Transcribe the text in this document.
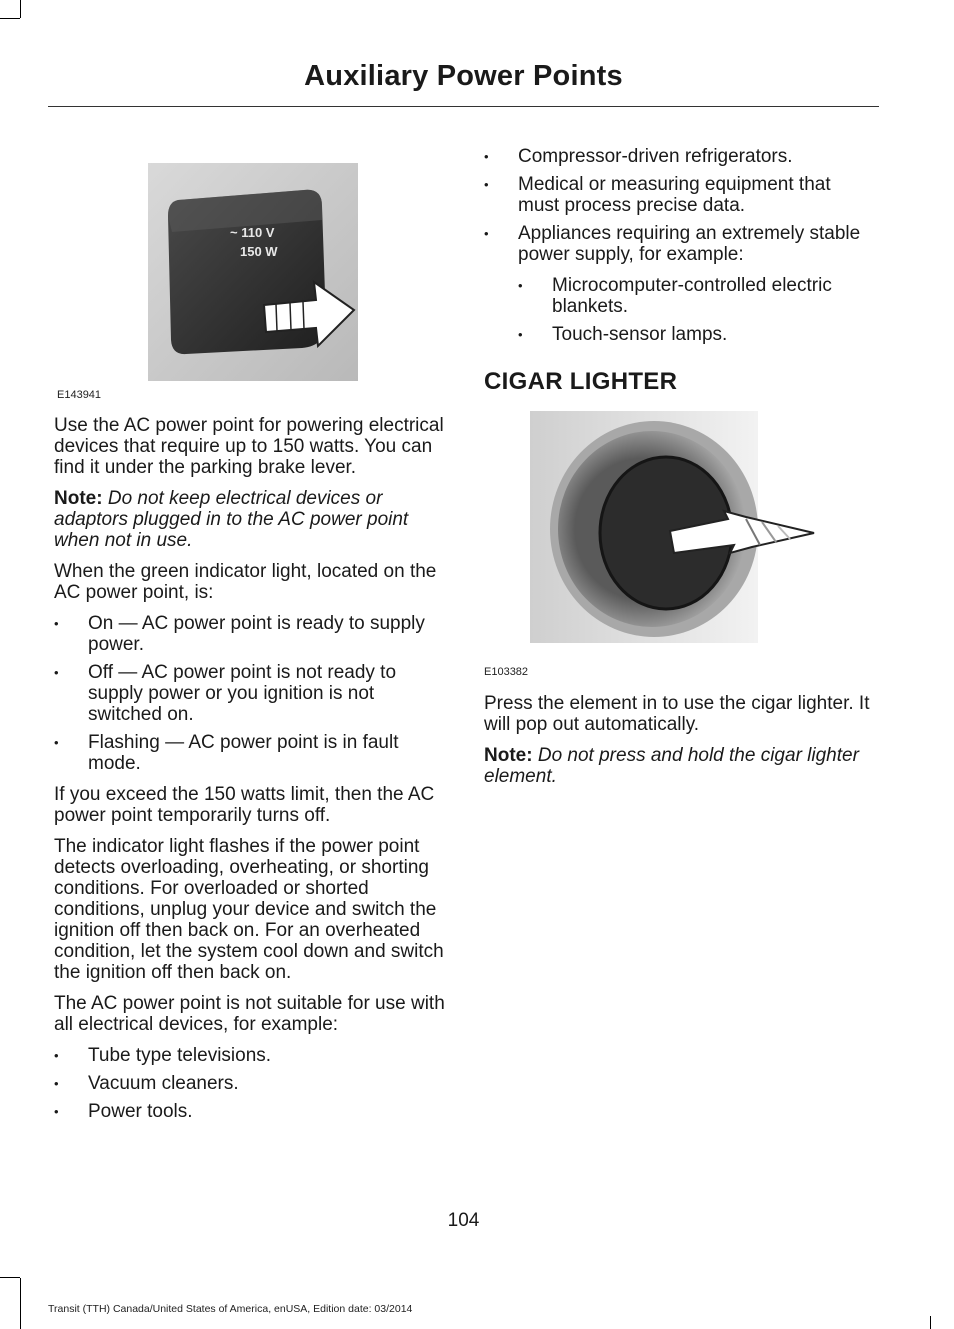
Auxiliary Power Points
~ 110 V
150 W
E143941

Use the AC power point for powering electrical devices that require up to 150 watts. You can find it under the parking brake lever.

Note: Do not keep electrical devices or adaptors plugged in to the AC power point when not in use.

When the green indicator light, located on the AC power point, is:

• On — AC power point is ready to supply power.
• Off — AC power point is not ready to supply power or you ignition is not switched on.
• Flashing — AC power point is in fault mode.

If you exceed the 150 watts limit, then the AC power point temporarily turns off.

The indicator light flashes if the power point detects overloading, overheating, or shorting conditions. For overloaded or shorted conditions, unplug your device and switch the ignition off then back on. For an overheated condition, let the system cool down and switch the ignition off then back on.

The AC power point is not suitable for use with all electrical devices, for example:

• Tube type televisions.
• Vacuum cleaners.
• Power tools.
• Compressor-driven refrigerators.
• Medical or measuring equipment that must process precise data.
• Appliances requiring an extremely stable power supply, for example:
• Microcomputer-controlled electric blankets.
• Touch-sensor lamps.
CIGAR LIGHTER
E103382

Press the element in to use the cigar lighter. It will pop out automatically.

Note: Do not press and hold the cigar lighter element.

104
Transit (TTH) Canada/United States of America, enUSA, Edition date: 03/2014
